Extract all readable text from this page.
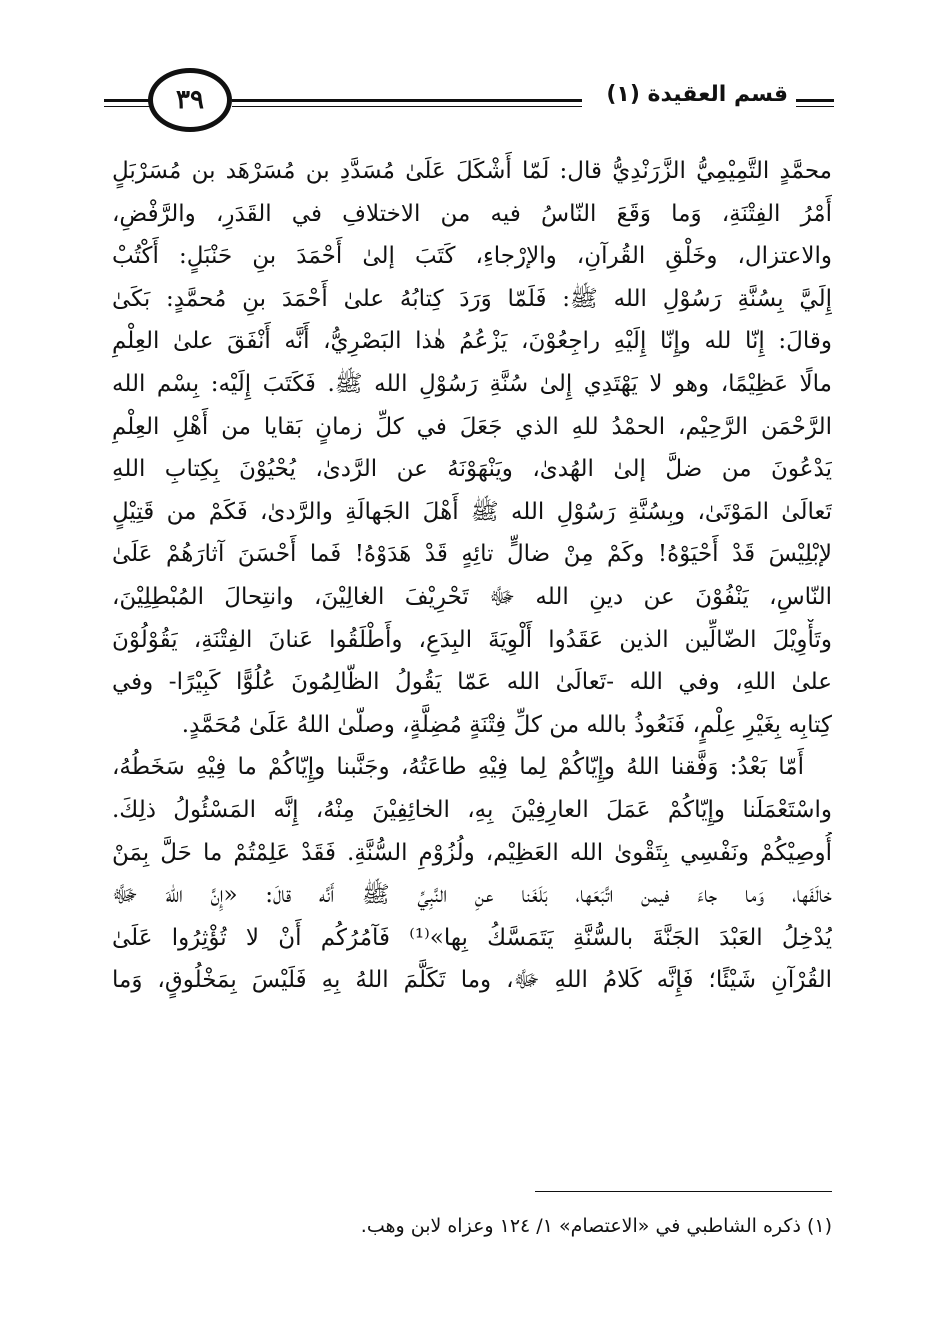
٣٩	قسم العقيدة (١)
محمَّدٍ التَّمِيْمِيُّ الزَّرَنْدِيُّ قال: لَمّا أَشْكَلَ عَلَىٰ مُسَدَّدِ بن مُسَرْهَد بن مُسَرْبَلٍ
أَمْرُ الفِتْنَةِ، وَما وَقَعَ النّاسُ فيه من الاختلافِ في القَدَرِ، والرَّفْضِ،
والاعتزال، وخَلْقِ القُرآنِ، والإرْجاءِ، كَتَبَ إلىٰ أَحْمَدَ بنِ حَنْبَلٍ: أَكْتُبْ
إِلَيَّ بِسُنَّةِ رَسُوْلِ الله ﷺ: فَلَمّا وَرَدَ كِتابُهُ علىٰ أَحْمَدَ بنِ مُحمَّدٍ: بَكَىٰ
وقالَ: إِنّا لله وإِنّا إِلَيْهِ راجِعُوْنَ، يَزْعُمُ هٰذا البَصْرِيُّ، أَنَّه أَنْفَقَ علىٰ العِلْمِ
مالًا عَظِيْمًا، وهو لا يَهْتَدِي إِلىٰ سُنَّةِ رَسُوْلِ الله ﷺ. فَكَتَبَ إِلَيْه: بِسْم الله
الرَّحْمَن الرَّحِيْم، الحمْدُ للهِ الذي جَعَلَ في كلِّ زمانٍ بَقايا من أَهْلِ العِلْمِ
يَدْعُونَ من ضلَّ إلىٰ الهُدىٰ، ويَنْهَوْنَهُ عن الرَّدىٰ، يُحْيُوْنَ بِكِتابِ اللهِ
تَعالَىٰ المَوْتَىٰ، وبِسُنَّةِ رَسُوْلِ الله ﷺ أَهْلَ الجَهالَةِ والرَّدىٰ، فَكَمْ من قَتِيْلٍ
لإبْلِيْسَ قَدْ أَحْيَوْهُ! وكَمْ مِنْ ضالٍّ تائِهٍ قَدْ هَدَوْهُ! فَما أَحْسَنَ آثارَهُمْ عَلَىٰ
النّاسِ، يَنْفُوْنَ عن دينِ الله ﷻ تَحْرِيْفَ الغالِيْنَ، وانتِحالَ المُبْطِلِيْنَ،
وتَأْوِيْلَ الضّالِّين الذين عَقَدُوا أَلْوِيَةَ البِدَعِ، وأَطْلَقُوا عَنانَ الفِتْنَةِ، يَقُوْلُوْنَ
علىٰ اللهِ، وفي الله -تَعالَىٰ الله عَمّا يَقُولُ الظّالِمُونَ عُلُوًّا كَبِيْرًا- وفي
كِتابِه بِغَيْرِ عِلْمٍ، فَنَعُوذُ بالله من كلِّ فِتْنَةٍ مُضِلَّةٍ، وصلّىٰ اللهُ عَلَىٰ مُحَمَّدٍ.
أَمّا بَعْدُ: وَفَّقنا اللهُ وإِيّاكُمْ لِما فِيْهِ طاعَتُهُ، وجَنَّبنا وإِيّاكُمْ ما فِيْهِ سَخَطُهُ،
واسْتَعْمَلَنا وإِيّاكُمْ عَمَلَ العارِفِيْنَ بِهِ، الخائِفِيْنَ مِنْهُ، إِنَّه المَسْئُولُ ذلِكَ.
أُوصِيْكُمْ ونَفْسِي بِتَقْوىٰ الله العَظِيْم، ولُزُوْمِ السُّنَّةِ. فَقَدْ عَلِمْتُمْ ما حَلَّ بِمَنْ
خالَفَها، وَما جاءَ فيمن اتَّبَعَها، بَلَغَنا عنِ النَّبِيِّ ﷺ أَنَّه قالَ: «إِنَّ اللهَ ﷻ
يُدْخِلُ العَبْدَ الجَنَّةَ بالسُّنَّةِ يَتَمَسَّكُ بِها»⁽¹⁾ فَآمُرُكُم أَنْ لا تُؤْثِرُوا عَلَىٰ
القُرْآنِ شَيْئًا؛ فَإِنَّه كَلامُ اللهِ ﷻ، وما تَكَلَّمَ اللهُ بِهِ فَلَيْسَ بِمَخْلُوقٍ، وَما
(١) ذكره الشاطبي في «الاعتصام» ١/ ١٢٤ وعزاه لابن وهب.
